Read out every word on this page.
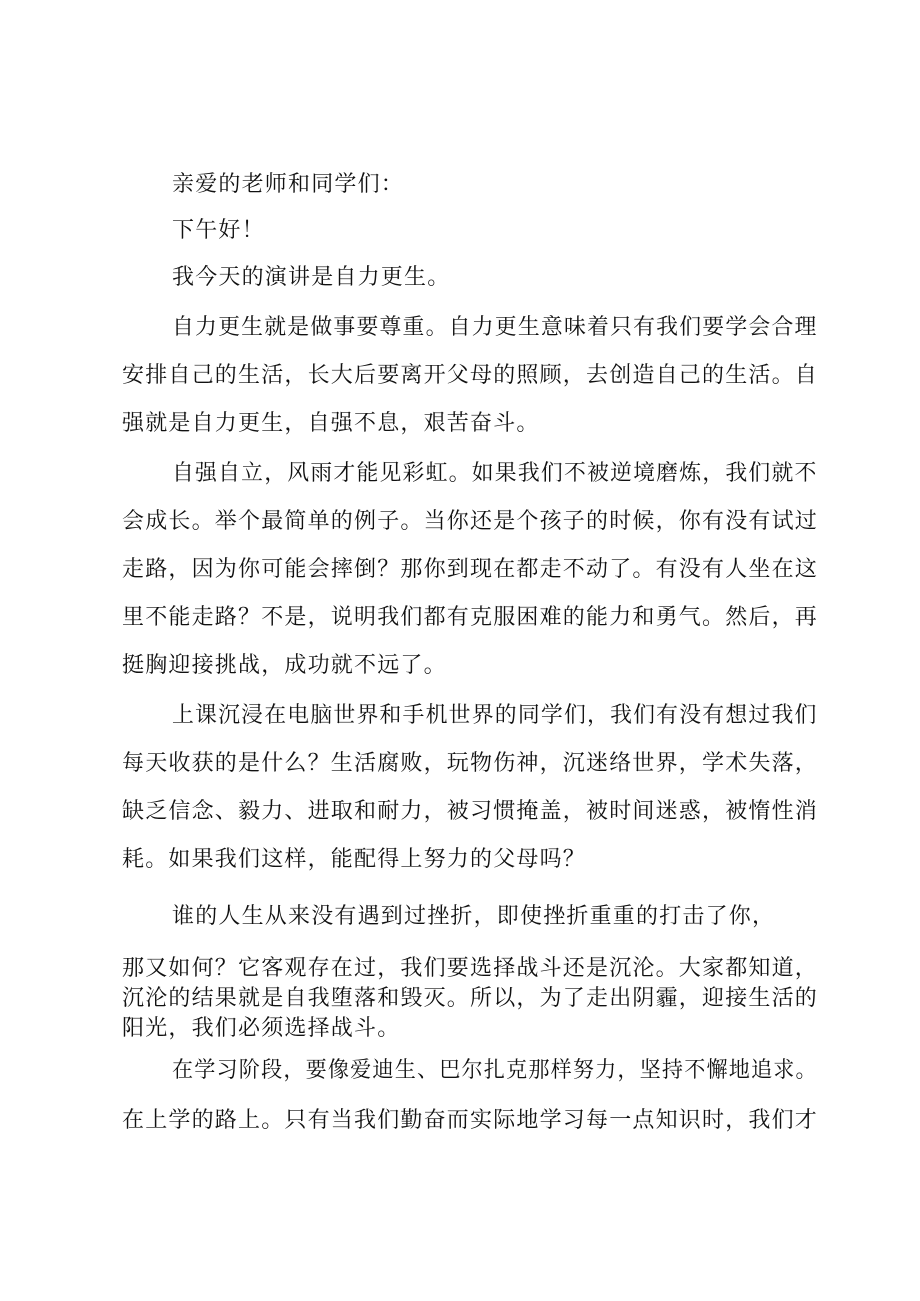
亲爱的老师和同学们：
下午好！
我今天的演讲是自力更生。
自力更生就是做事要尊重。自力更生意味着只有我们要学会合理
安排自己的生活，长大后要离开父母的照顾，去创造自己的生活。自
强就是自力更生，自强不息，艰苦奋斗。
自强自立，风雨才能见彩虹。如果我们不被逆境磨炼，我们就不
会成长。举个最简单的例子。当你还是个孩子的时候，你有没有试过
走路，因为你可能会摔倒？那你到现在都走不动了。有没有人坐在这
里不能走路？不是，说明我们都有克服困难的能力和勇气。然后，再
挺胸迎接挑战，成功就不远了。
上课沉浸在电脑世界和手机世界的同学们，我们有没有想过我们
每天收获的是什么？生活腐败，玩物伤神，沉迷络世界，学术失落，
缺乏信念、毅力、进取和耐力，被习惯掩盖，被时间迷惑，被惰性消
耗。如果我们这样，能配得上努力的父母吗？
谁的人生从来没有遇到过挫折，即使挫折重重的打击了你，
那又如何？它客观存在过，我们要选择战斗还是沉沦。大家都知道，
沉沦的结果就是自我堕落和毁灭。所以，为了走出阴霾，迎接生活的
阳光，我们必须选择战斗。
在学习阶段，要像爱迪生、巴尔扎克那样努力，坚持不懈地追求。
在上学的路上。只有当我们勤奋而实际地学习每一点知识时，我们才
